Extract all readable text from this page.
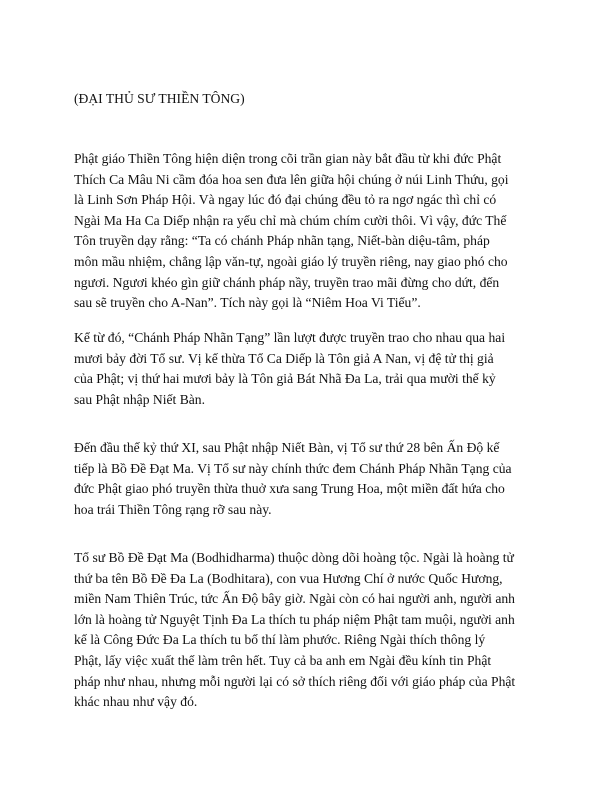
(ĐẠI THỦ SƯ THIỀN TÔNG)
Phật giáo Thiền Tông hiện diện trong cõi trần gian này bắt đầu từ khi đức Phật
Thích Ca Mâu Ni cầm đóa hoa sen đưa lên giữa hội chúng ở núi Linh Thứu, gọi
là Linh Sơn Pháp Hội. Và ngay lúc đó đại chúng đều tỏ ra ngơ ngác thì chỉ có
Ngài Ma Ha Ca Diếp nhận ra yếu chỉ mà chúm chím cười thôi. Vì vậy, đức Thế
Tôn truyền dạy rằng: “Ta có chánh Pháp nhãn tạng, Niết-bàn diệu-tâm, pháp
môn mầu nhiệm, chẳng lập văn-tự, ngoài giáo lý truyền riêng, nay giao phó cho
ngươi. Ngươi khéo gìn giữ chánh pháp nầy, truyền trao mãi đừng cho dứt, đến
sau sẽ truyền cho A-Nan”. Tích này gọi là “Niêm Hoa Vi Tiếu”.
Kể từ đó, “Chánh Pháp Nhãn Tạng” lần lượt được truyền trao cho nhau qua hai
mươi bảy đời Tổ sư. Vị kế thừa Tổ Ca Diếp là Tôn giả A Nan, vị đệ tử thị giả
của Phật; vị thứ hai mươi bảy là Tôn giả Bát Nhã Đa La, trải qua mười thế kỷ
sau Phật nhập Niết Bàn.
Đến đầu thế kỷ thứ XI, sau Phật nhập Niết Bàn, vị Tổ sư thứ 28 bên Ấn Độ kế
tiếp là Bồ Đề Đạt Ma. Vị Tổ sư này chính thức đem Chánh Pháp Nhãn Tạng của
đức Phật giao phó truyền thừa thuở xưa sang Trung Hoa, một miền đất hứa cho
hoa trái Thiền Tông rạng rỡ sau này.
Tổ sư Bồ Đề Đạt Ma (Bodhidharma) thuộc dòng dõi hoàng tộc. Ngài là hoàng tử
thứ ba tên Bồ Đề Đa La (Bodhitara), con vua Hương Chí ở nước Quốc Hương,
miền Nam Thiên Trúc, tức Ấn Độ bây giờ. Ngài còn có hai người anh, người anh
lớn là hoàng tử Nguyệt Tịnh Đa La thích tu pháp niệm Phật tam muội, người anh
kế là Công Đức Đa La thích tu bố thí làm phước. Riêng Ngài thích thông lý
Phật, lấy việc xuất thế làm trên hết. Tuy cả ba anh em Ngài đều kính tin Phật
pháp như nhau, nhưng mỗi người lại có sở thích riêng đối với giáo pháp của Phật
khác nhau như vậy đó.
